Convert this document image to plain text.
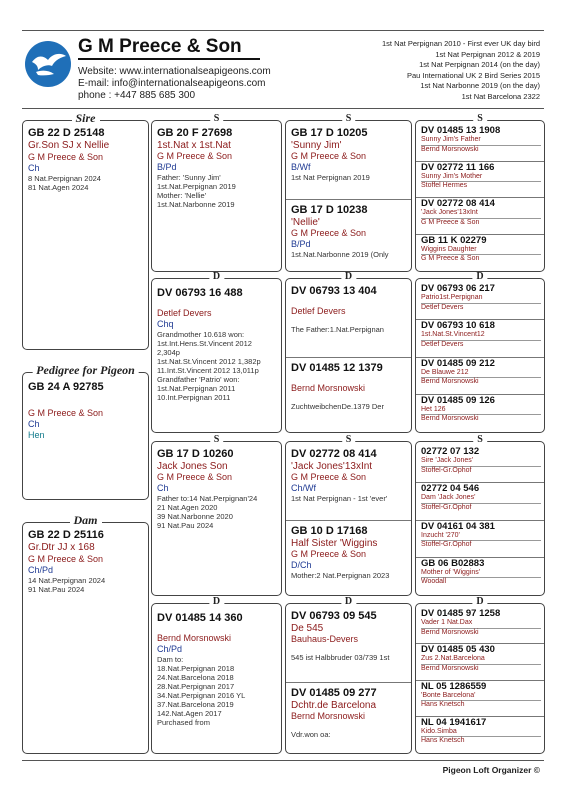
G M Preece & Son
Website: www.internationalseapigeons.com
E-mail: info@internationalseapigeons.com
phone : +447 885 685 300
1st Nat Perpignan 2010 - First ever UK day bird
1st Nat Perpignan 2012 & 2019
1st Nat Perpignan 2014 (on the day)
Pau International UK 2 Bird Series 2015
1st Nat Narbonne 2019 (on the day)
1st Nat Barcelona 2322
Sire
GB 22 D 25148
Gr.Son SJ x Nellie
G M Preece & Son
Ch
8 Nat.Perpignan 2024
81 Nat.Agen 2024
Pedigree for Pigeon
GB 24 A 92785
G M Preece & Son
Ch
Hen
Dam
GB 22 D 25116
Gr.Dtr JJ x 168
G M Preece & Son
Ch/Pd
14 Nat.Perpignan 2024
91 Nat.Pau 2024
S
GB 20 F 27698
1st.Nat x 1st.Nat
G M Preece & Son
B/Pd
Father: 'Sunny Jim'
1st.Nat.Perpignan 2019
Mother: 'Nellie'
1st.Nat.Narbonne 2019
D
DV 06793 16 488
Detlef Devers
Chq
Grandmother 10.618 won:
1st.Int.Hens.St.Vincent 2012
2,304p
1st.Nat.St.Vincent 2012 1,382p
11.Int.St.Vincent 2012 13,011p
Grandfather 'Patrio' won:
1st.Nat.Perpignan 2011
10.Int.Perpignan 2011
S
GB 17 D 10260
Jack Jones Son
G M Preece & Son
Ch
Father to:14 Nat.Perpignan'24
21 Nat.Agen 2020
39 Nat.Narbonne 2020
91 Nat.Pau 2024
D
DV 01485 14 360
Bernd Morsnowski
Ch/Pd
Dam to:
18.Nat.Perpignan 2018
24.Nat.Barcelona 2018
28.Nat.Perpignan 2017
34.Nat.Perpignan 2016 YL
37.Nat.Barcelona 2019
142.Nat.Agen 2017
Purchased from
S
GB 17 D 10205
'Sunny Jim'
G M Preece & Son
B/Wf
1st Nat Perpignan 2019
GB 17 D 10238
'Nellie'
G M Preece & Son
B/Pd
1st.Nat.Narbonne 2019 (Only
D
DV 06793 13 404
Detlef Devers
The Father:1.Nat.Perpignan
DV 01485 12 1379
Bernd Morsnowski
ZuchtweibchenDe.1379 Der
S
DV 02772 08 414
'Jack Jones'13xInt
G M Preece & Son
Ch/Wf
1st Nat Perpignan - 1st 'ever'
GB 10 D 17168
Half Sister 'Wiggins
G M Preece & Son
D/Ch
Mother:2 Nat.Perpignan 2023
D
DV 06793 09 545
De 545
Bauhaus-Devers
545 ist Halbbruder 03/739 1st
DV 01485 09 277
Dchtr.de Barcelona
Bernd Morsnowski
Vdr.won oa:
S
DV 01485 13 1908
Sunny Jim's Father
Bernd Morsnowski
DV 02772 11 166
Sunny Jim's Mother
Stoffel Hermes
DV 02772 08 414
'Jack Jones'13xInt
G M Preece & Son
GB 11 K 02279
Wiggins Daughter
G M Preece & Son
D
DV 06793 06 217
Patrio1st.Perpignan
Detlef Devers
DV 06793 10 618
1st.Nat.St.Vincent12
Detlef Devers
DV 01485 09 212
De Blauwe 212
Bernd Morsnowski
DV 01485 09 126
Het 126
Bernd Morsnowski
S
02772 07 132
Sire 'Jack Jones'
Stoffel-Gr.Ophof
02772 04 546
Dam 'Jack Jones'
Stoffel-Gr.Ophof
DV 04161 04 381
Inzucht '270'
Stoffel-Gr.Ophof
GB 06 B02883
Mother of 'Wiggins'
Woodall
D
DV 01485 97 1258
Vader 1 Nat.Dax
Bernd Morsnowski
DV 01485 05 430
Zus 2.Nat.Barcelona
Bernd Morsnowski
NL 05 1286559
'Bonte Barcelona'
Hans Knetsch
NL 04 1941617
Kido.Simba
Hans Knetsch
Pigeon Loft Organizer ©
